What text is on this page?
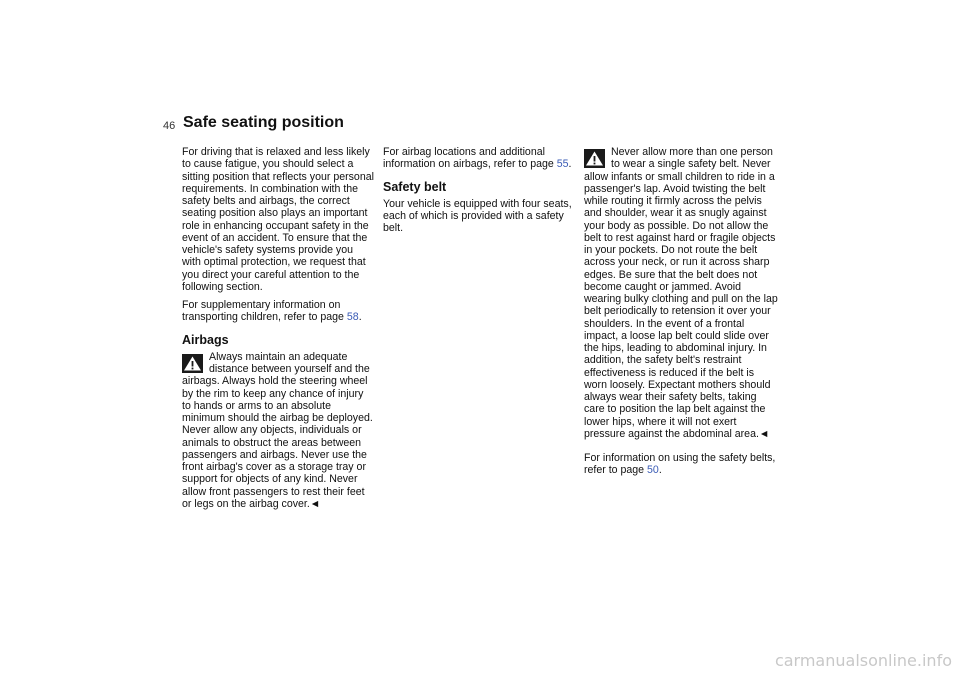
46 Safe seating position

For driving that is relaxed and less likely to cause fatigue, you should select a sitting position that reflects your personal requirements. In combination with the safety belts and airbags, the correct seating position also plays an important role in enhancing occupant safety in the event of an accident. To ensure that the vehicle's safety systems provide you with optimal protection, we request that you direct your careful attention to the following section.

For supplementary information on transporting children, refer to page 58.

Airbags

Always maintain an adequate distance between yourself and the airbags. Always hold the steering wheel by the rim to keep any chance of injury to hands or arms to an absolute minimum should the airbag be deployed. Never allow any objects, individuals or animals to obstruct the areas between passengers and airbags. Never use the front airbag's cover as a storage tray or support for objects of any kind. Never allow front passengers to rest their feet or legs on the airbag cover.◄

For airbag locations and additional information on airbags, refer to page 55.

Safety belt

Your vehicle is equipped with four seats, each of which is provided with a safety belt.

Never allow more than one person to wear a single safety belt. Never allow infants or small children to ride in a passenger's lap. Avoid twisting the belt while routing it firmly across the pelvis and shoulder, wear it as snugly against your body as possible. Do not allow the belt to rest against hard or fragile objects in your pockets. Do not route the belt across your neck, or run it across sharp edges. Be sure that the belt does not become caught or jammed. Avoid wearing bulky clothing and pull on the lap belt periodically to retension it over your shoulders. In the event of a frontal impact, a loose lap belt could slide over the hips, leading to abdominal injury. In addition, the safety belt's restraint effectiveness is reduced if the belt is worn loosely. Expectant mothers should always wear their safety belts, taking care to position the lap belt against the lower hips, where it will not exert pressure against the abdominal area.◄

For information on using the safety belts, refer to page 50.

carmanualsonline.info
